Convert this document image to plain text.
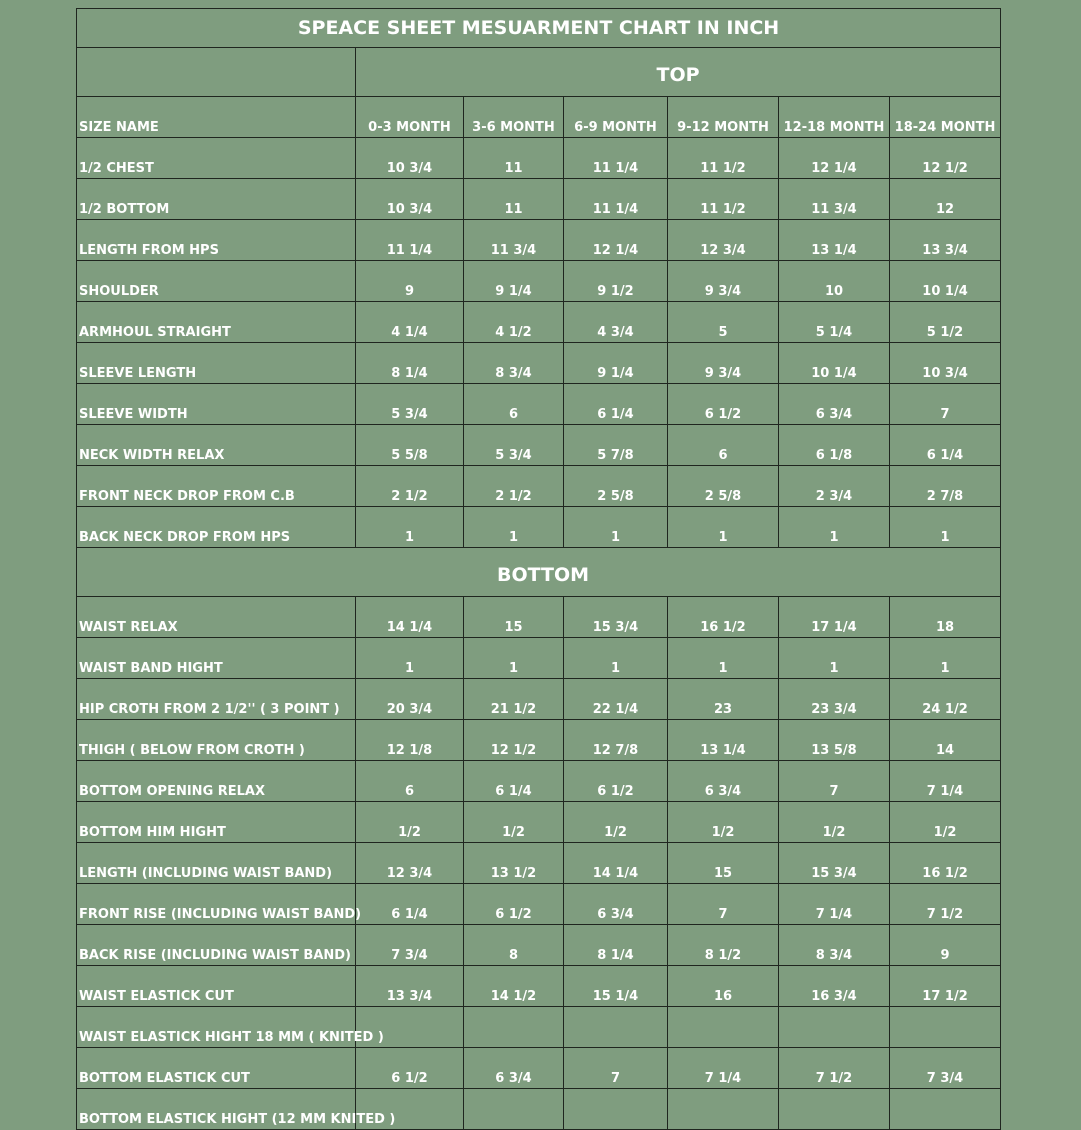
SPEACE SHEET MESUARMENT CHART IN INCH						
	TOP					
SIZE NAME	0-3 MONTH	3-6 MONTH	6-9 MONTH	9-12 MONTH	12-18 MONTH	18-24 MONTH
1/2 CHEST	10 3/4	11	11 1/4	11 1/2	12 1/4	12 1/2
1/2 BOTTOM	10 3/4	11	11 1/4	11 1/2	11 3/4	12
LENGTH FROM HPS	11 1/4	11 3/4	12 1/4	12 3/4	13 1/4	13 3/4
SHOULDER	9	9 1/4	9 1/2	9 3/4	10	10 1/4
ARMHOUL STRAIGHT	4 1/4	4 1/2	4 3/4	5	5 1/4	5 1/2
SLEEVE LENGTH	8 1/4	8 3/4	9 1/4	9 3/4	10 1/4	10 3/4
SLEEVE WIDTH	5 3/4	6	6 1/4	6 1/2	6 3/4	7
NECK WIDTH RELAX	5 5/8	5 3/4	5 7/8	6	6 1/8	6 1/4
FRONT NECK DROP FROM C.B	2 1/2	2 1/2	2 5/8	2 5/8	2 3/4	2 7/8
BACK NECK DROP FROM HPS	1	1	1	1	1	1
BOTTOM						
WAIST RELAX	14 1/4	15	15 3/4	16 1/2	17 1/4	18
WAIST BAND HIGHT	1	1	1	1	1	1
HIP CROTH FROM 2 1/2'' ( 3 POINT )	20 3/4	21 1/2	22 1/4	23	23 3/4	24 1/2
THIGH ( BELOW FROM CROTH )	12 1/8	12 1/2	12 7/8	13 1/4	13 5/8	14
BOTTOM OPENING RELAX	6	6 1/4	6 1/2	6 3/4	7	7 1/4
BOTTOM HIM HIGHT	1/2	1/2	1/2	1/2	1/2	1/2
LENGTH (INCLUDING WAIST BAND)	12 3/4	13 1/2	14 1/4	15	15 3/4	16 1/2
FRONT RISE (INCLUDING WAIST BAND)	6 1/4	6 1/2	6 3/4	7	7 1/4	7 1/2
BACK RISE (INCLUDING WAIST BAND)	7 3/4	8	8 1/4	8 1/2	8 3/4	9
WAIST ELASTICK CUT	13 3/4	14 1/2	15 1/4	16	16 3/4	17 1/2
WAIST ELASTICK HIGHT 18 MM ( KNITED )						
BOTTOM ELASTICK CUT	6 1/2	6 3/4	7	7 1/4	7 1/2	7 3/4
BOTTOM ELASTICK HIGHT (12 MM KNITED )						
